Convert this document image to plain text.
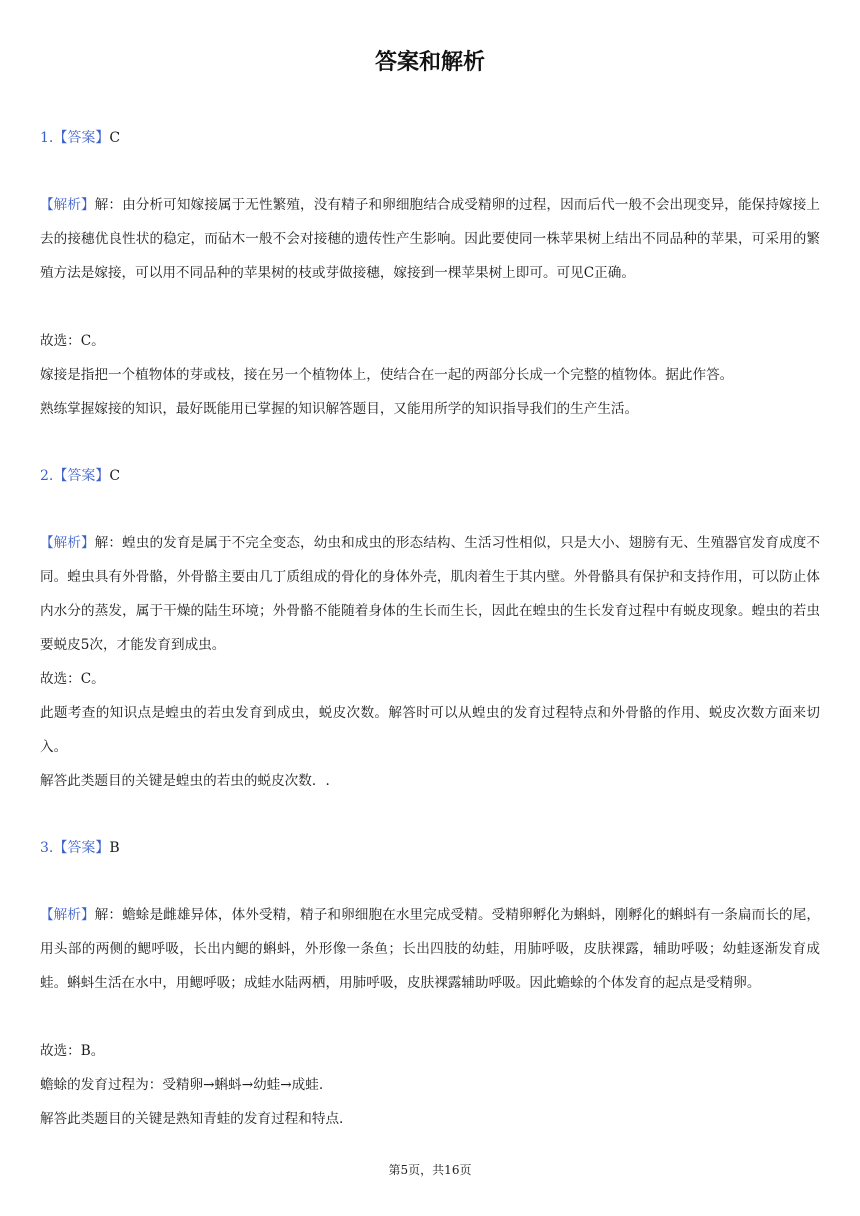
答案和解析
1.【答案】C
【解析】解：由分析可知嫁接属于无性繁殖，没有精子和卵细胞结合成受精卵的过程，因而后代一般不会出现变异，能保持嫁接上去的接穗优良性状的稳定，而砧木一般不会对接穗的遗传性产生影响。因此要使同一株苹果树上结出不同品种的苹果，可采用的繁殖方法是嫁接，可以用不同品种的苹果树的枝或芽做接穗，嫁接到一棵苹果树上即可。可见C正确。
故选：C。
嫁接是指把一个植物体的芽或枝，接在另一个植物体上，使结合在一起的两部分长成一个完整的植物体。据此作答。
熟练掌握嫁接的知识，最好既能用已掌握的知识解答题目，又能用所学的知识指导我们的生产生活。
2.【答案】C
【解析】解：蝗虫的发育是属于不完全变态，幼虫和成虫的形态结构、生活习性相似，只是大小、翅膀有无、生殖器官发育成度不同。蝗虫具有外骨骼，外骨骼主要由几丁质组成的骨化的身体外壳，肌肉着生于其内壁。外骨骼具有保护和支持作用，可以防止体内水分的蒸发，属于干燥的陆生环境；外骨骼不能随着身体的生长而生长，因此在蝗虫的生长发育过程中有蜕皮现象。蝗虫的若虫要蜕皮5次，才能发育到成虫。
故选：C。
此题考查的知识点是蝗虫的若虫发育到成虫，蜕皮次数。解答时可以从蝗虫的发育过程特点和外骨骼的作用、蜕皮次数方面来切入。
解答此类题目的关键是蝗虫的若虫的蜕皮次数．.
3.【答案】B
【解析】解：蟾蜍是雌雄异体，体外受精，精子和卵细胞在水里完成受精。受精卵孵化为蝌蚪，刚孵化的蝌蚪有一条扁而长的尾，用头部的两侧的鳃呼吸，长出内鳃的蝌蚪，外形像一条鱼；长出四肢的幼蛙，用肺呼吸，皮肤裸露，辅助呼吸；幼蛙逐渐发育成蛙。蝌蚪生活在水中，用鳃呼吸；成蛙水陆两栖，用肺呼吸，皮肤裸露辅助呼吸。因此蟾蜍的个体发育的起点是受精卵。
故选：B。
蟾蜍的发育过程为：受精卵→蝌蚪→幼蛙→成蛙.
解答此类题目的关键是熟知青蛙的发育过程和特点.
第5页，共16页
